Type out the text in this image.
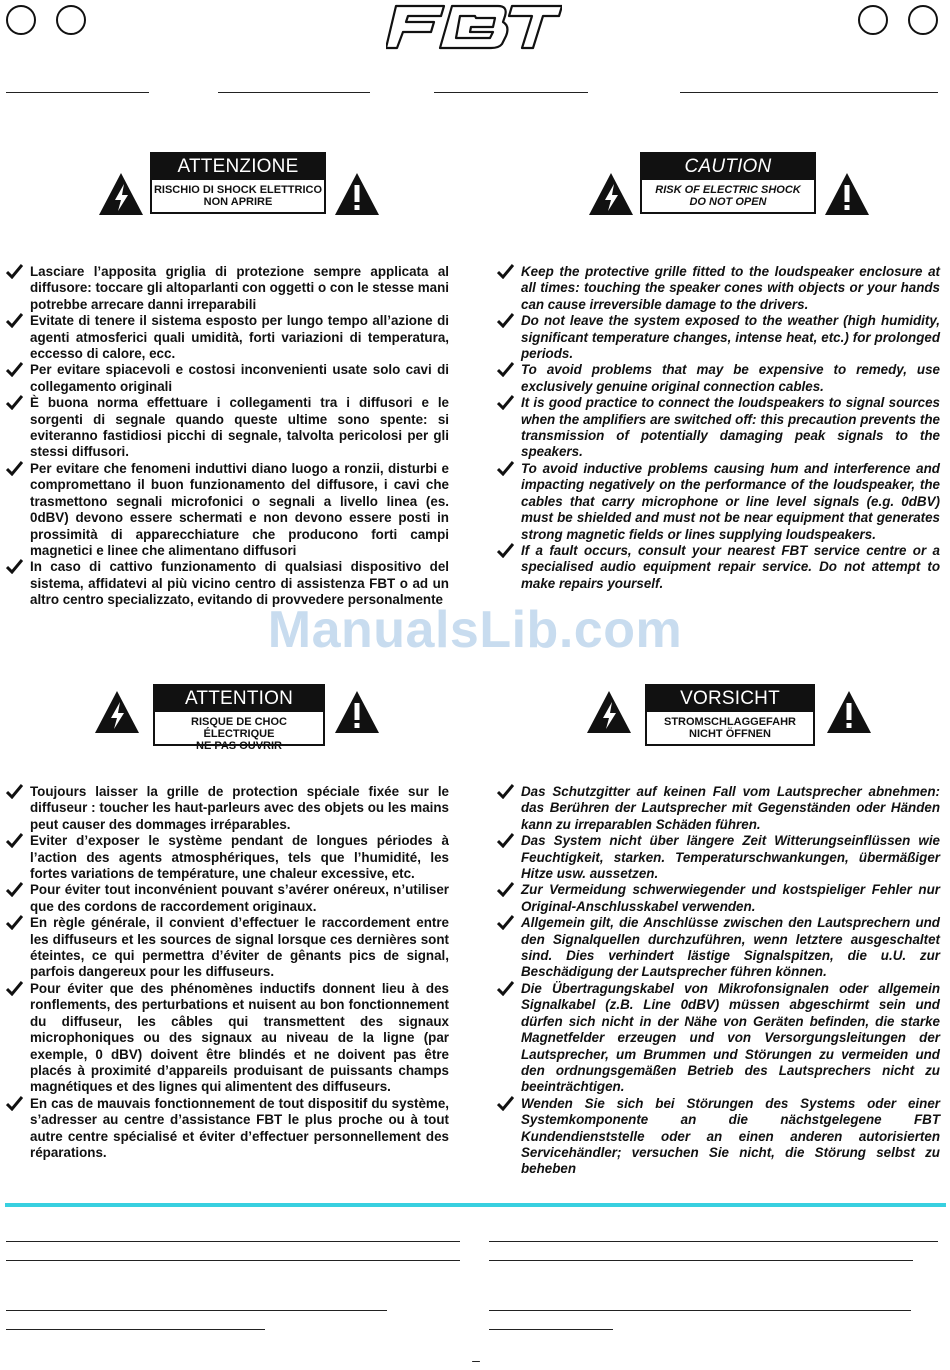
ATTENZIONE
RISCHIO DI SHOCK ELETTRICO
NON APRIRE
Lasciare l’apposita griglia di protezione sempre applicata al diffusore: toccare gli altoparlanti con oggetti o con le stesse mani potrebbe arrecare danni irreparabili
Evitate di tenere il sistema esposto per lungo tempo all’azione di agenti atmosferici quali umidità, forti variazioni di temperatura, eccesso di calore, ecc.
Per evitare spiacevoli e costosi inconvenienti usate solo cavi di collegamento originali
È buona norma effettuare i collegamenti tra i diffusori e le sorgenti di segnale quando queste ultime sono spente: si eviteranno fastidiosi picchi di segnale, talvolta pericolosi per gli stessi diffusori.
Per evitare che fenomeni induttivi diano luogo a ronzii, disturbi e compromettano il buon funzionamento del diffusore, i cavi che trasmettono segnali microfonici o segnali a livello linea (es. 0dBV) devono essere schermati e non devono essere posti in prossimità di apparecchiature che producono forti campi magnetici e linee che alimentano diffusori
In caso di cattivo funzionamento di qualsiasi dispositivo del sistema, affidatevi al più vicino centro di assistenza FBT o ad un altro centro specializzato, evitando di provvedere personalmente
CAUTION
RISK OF ELECTRIC SHOCK
DO NOT OPEN
Keep the protective grille fitted to the loudspeaker enclosure at all times: touching the speaker cones with objects or your hands can cause irreversible damage to the drivers.
Do not leave the system exposed to the weather (high humidity, significant temperature changes, intense heat, etc.) for prolonged periods.
To avoid problems that may be expensive to remedy, use exclusively genuine original connection cables.
It is good practice to connect the loudspeakers to signal sources when the amplifiers are switched off: this precaution prevents the transmission of potentially damaging peak signals to the speakers.
To avoid inductive problems causing hum and interference and impacting negatively on the performance of the loudspeaker, the cables that carry microphone or line level signals (e.g. 0dBV) must be shielded and must not be near equipment that generates strong magnetic fields or lines supplying loudspeakers.
If a fault occurs, consult your nearest FBT service centre or a specialised audio equipment repair service. Do not attempt to make repairs yourself.
ManualsLib.com
ATTENTION
RISQUE DE CHOC ÉLECTRIQUE
NE PAS OUVRIR
Toujours laisser la grille de protection spéciale fixée sur le diffuseur : toucher les haut-parleurs avec des objets ou les mains peut causer des dommages irréparables.
Eviter d’exposer le système pendant de longues périodes à l’action des agents atmosphériques, tels que l’humidité, les fortes variations de température, une chaleur excessive, etc.
Pour éviter tout inconvénient pouvant s’avérer onéreux, n’utiliser que des cordons de raccordement originaux.
En règle générale, il convient d’effectuer le raccordement entre les diffuseurs et les sources de signal lorsque ces dernières sont éteintes, ce qui permettra d’éviter de gênants pics de signal, parfois dangereux pour les diffuseurs.
Pour éviter que des phénomènes inductifs donnent lieu à des ronflements, des perturbations et nuisent au bon fonctionnement du diffuseur, les câbles qui transmettent des signaux microphoniques ou des signaux au niveau de la ligne (par exemple, 0 dBV) doivent être blindés et ne doivent pas être placés à proximité d’appareils produisant de puissants champs magnétiques et des lignes qui alimentent des diffuseurs.
En cas de mauvais fonctionnement de tout dispositif du système, s’adresser au centre d’assistance FBT le plus proche ou à tout autre centre spécialisé et éviter d’effectuer personnellement des réparations.
VORSICHT
STROMSCHLAGGEFAHR
NICHT ÖFFNEN
Das Schutzgitter auf keinen Fall vom Lautsprecher abnehmen: das Berühren der Lautsprecher mit Gegenständen oder Händen kann zu irreparablen Schäden führen.
Das System nicht über längere Zeit Witterungseinflüssen wie Feuchtigkeit, starken. Temperaturschwankungen, übermäßiger Hitze usw. aussetzen.
Zur Vermeidung schwerwiegender und kostspieliger Fehler nur Original-Anschlusskabel verwenden.
Allgemein gilt, die Anschlüsse zwischen den Lautsprechern und den Signalquellen durchzuführen, wenn letztere ausgeschaltet sind. Dies verhindert lästige Signalspitzen, die u.U. zur Beschädigung der Lautsprecher führen können.
Die Übertragungskabel von Mikrofonsignalen oder allgemein Signalkabel (z.B. Line 0dBV) müssen abgeschirmt sein und dürfen sich nicht in der Nähe von Geräten befinden, die starke Magnetfelder erzeugen und von Versorgungsleitungen der Lautsprecher, um Brummen und Störungen zu vermeiden und den ordnungsgemäßen Betrieb des Lautsprechers nicht zu beeinträchtigen.
Wenden Sie sich bei Störungen des Systems oder einer Systemkomponente an die nächstgelegene FBT Kundendienststelle oder an einen anderen autorisierten Servicehändler; versuchen Sie nicht, die Störung selbst zu beheben
–
